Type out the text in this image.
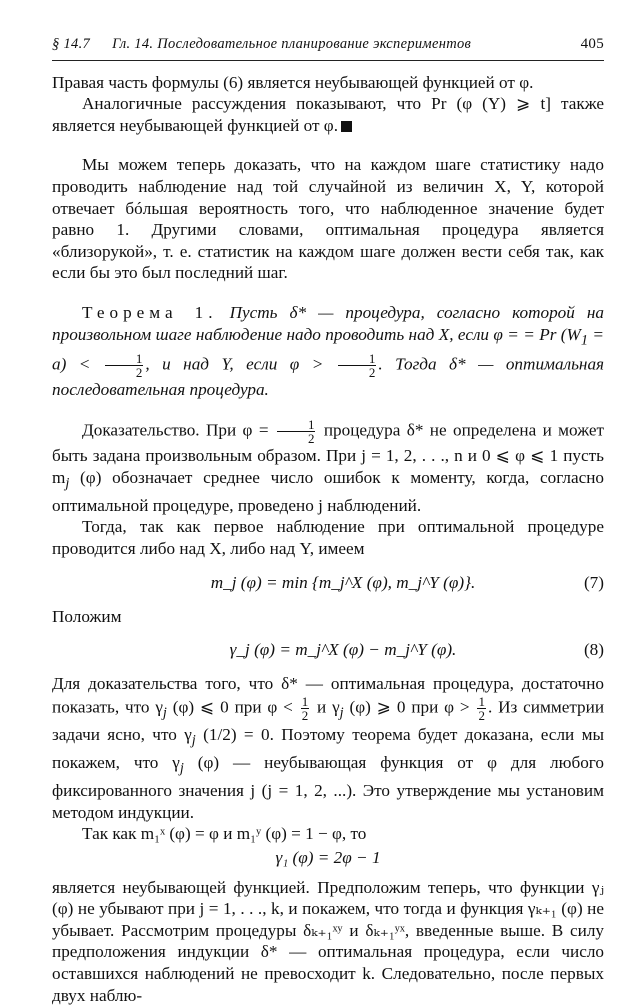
§ 14.7 Гл. 14. Последовательное планирование экспериментов	405

Правая часть формулы (6) является неубывающей функцией от φ.

Аналогичные рассуждения показывают, что Pr (φ (Y) ⩾ t] также является неубывающей функцией от φ.

Мы можем теперь доказать, что на каждом шаге статистику надо проводить наблюдение над той случайной из величин X, Y, которой отвечает бóльшая вероятность того, что наблюденное значение будет равно 1. Другими словами, оптимальная процедура является «близорукой», т. е. статистик на каждом шаге должен вести себя так, как если бы это был последний шаг.

Теорема 1. Пусть δ* — процедура, согласно которой на произвольном шаге наблюдение надо проводить над X, если φ = = Pr $(W_1 = a) < \frac{1}{2}$ , и над Y, если $\varphi > \frac{1}{2}$ . Тогда δ* — оптимальная последовательная процедура.

Доказательство. При $\varphi = \frac{1}{2}$ процедура δ* не определена и может быть задана произвольным образом. При j = 1, 2, . . ., n и 0 ⩽ φ ⩽ 1 пусть $m_j$ (φ) обозначает среднее число ошибок к моменту, когда, согласно оптимальной процедуре, проведено j наблюдений.

Тогда, так как первое наблюдение при оптимальной процедуре проводится либо над X, либо над Y, имеем

m_j (φ) = min {m_j^X (φ), m_j^Y (φ)}.	(7)

Положим

γ_j (φ) = m_j^X (φ) − m_j^Y (φ).	(8)

Для доказательства того, что δ* — оптимальная процедура, достаточно показать, что $\gamma_j$ (φ) ⩽ 0 при $\varphi < \frac{1}{2}$ и $\gamma_j$ (φ) ⩾ 0 при $\varphi > \frac{1}{2}$ . Из симметрии задачи ясно, что $\gamma_j$ (1/2) = 0. Поэтому теорема будет доказана, если мы покажем, что $\gamma_j$ (φ) — неубывающая функция от φ для любого фиксированного значения j (j = 1, 2, ...). Это утверждение мы установим методом индукции.

Так как m₁ˣ (φ) = φ и m₁ʸ (φ) = 1 − φ, то

γ₁ (φ) = 2φ − 1

является неубывающей функцией. Предположим теперь, что функции γⱼ (φ) не убывают при j = 1, . . ., k, и покажем, что тогда и функция γₖ₊₁ (φ) не убывает. Рассмотрим процедуры δₖ₊₁ˣʸ и δₖ₊₁ʸˣ, введенные выше. В силу предположения индукции δ* — оптимальная процедура, если число оставшихся наблюдений не превосходит k. Следовательно, после первых двух наблю-
